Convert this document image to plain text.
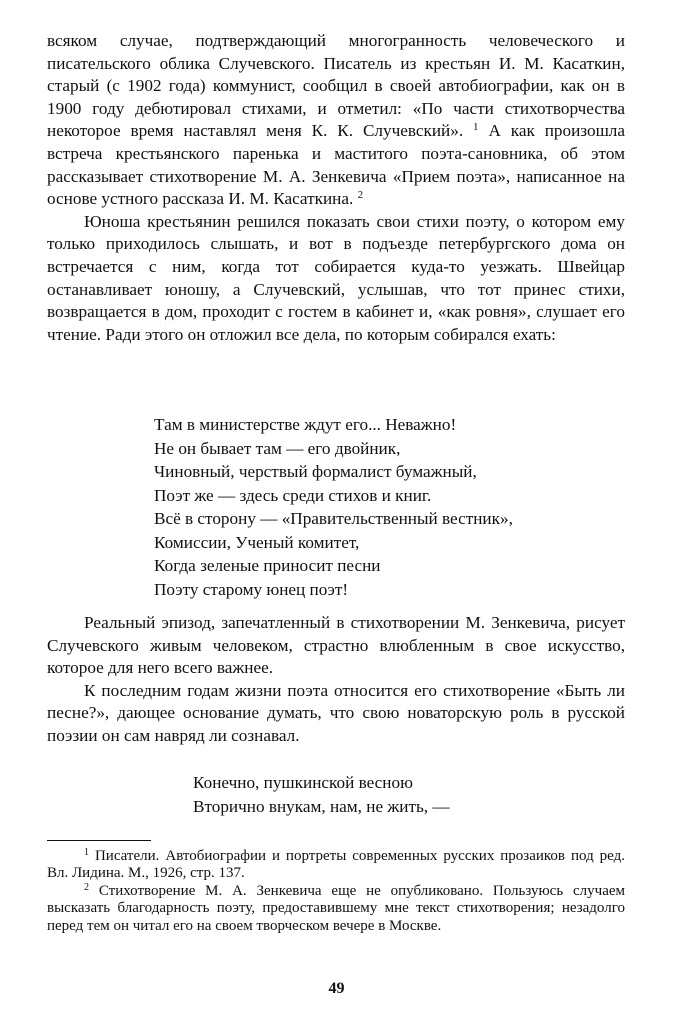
всяком случае, подтверждающий многогранность человеческого и писательского облика Случевского. Писатель из крестьян И. М. Касаткин, старый (с 1902 года) коммунист, сообщил в своей автобиографии, как он в 1900 году дебютировал стихами, и отметил: «По части стихотворчества некоторое время наставлял меня К. К. Случевский». $^1$ А как произошла встреча крестьянского паренька и маститого поэта-сановника, об этом рассказывает стихотворение М. А. Зенкевича «Прием поэта», написанное на основе устного рассказа И. М. Касаткина. $^2$

Юноша крестьянин решился показать свои стихи поэту, о котором ему только приходилось слышать, и вот в подъезде петербургского дома он встречается с ним, когда тот собирается куда-то уезжать. Швейцар останавливает юношу, а Случевский, услышав, что тот принес стихи, возвращается в дом, проходит с гостем в кабинет и, «как ровня», слушает его чтение. Ради этого он отложил все дела, по которым собирался ехать:

Там в министерстве ждут его... Неважно!
Не он бывает там — его двойник,
Чиновный, черствый формалист бумажный,
Поэт же — здесь среди стихов и книг.
Всё в сторону — «Правительственный вестник»,
Комиссии, Ученый комитет,
Когда зеленые приносит песни
Поэту старому юнец поэт!

Реальный эпизод, запечатленный в стихотворении М. Зенкевича, рисует Случевского живым человеком, страстно влюбленным в свое искусство, которое для него всего важнее.

К последним годам жизни поэта относится его стихотворение «Быть ли песне?», дающее основание думать, что свою новаторскую роль в русской поэзии он сам навряд ли сознавал.

Конечно, пушкинской весною
Вторично внукам, нам, не жить, —

$^1$ Писатели. Автобиографии и портреты современных русских прозаиков под ред. Вл. Лидина. М., 1926, стр. 137.

$^2$ Стихотворение М. А. Зенкевича еще не опубликовано. Пользуюсь случаем высказать благодарность поэту, предоставившему мне текст стихотворения; незадолго перед тем он читал его на своем творческом вечере в Москве.

49
